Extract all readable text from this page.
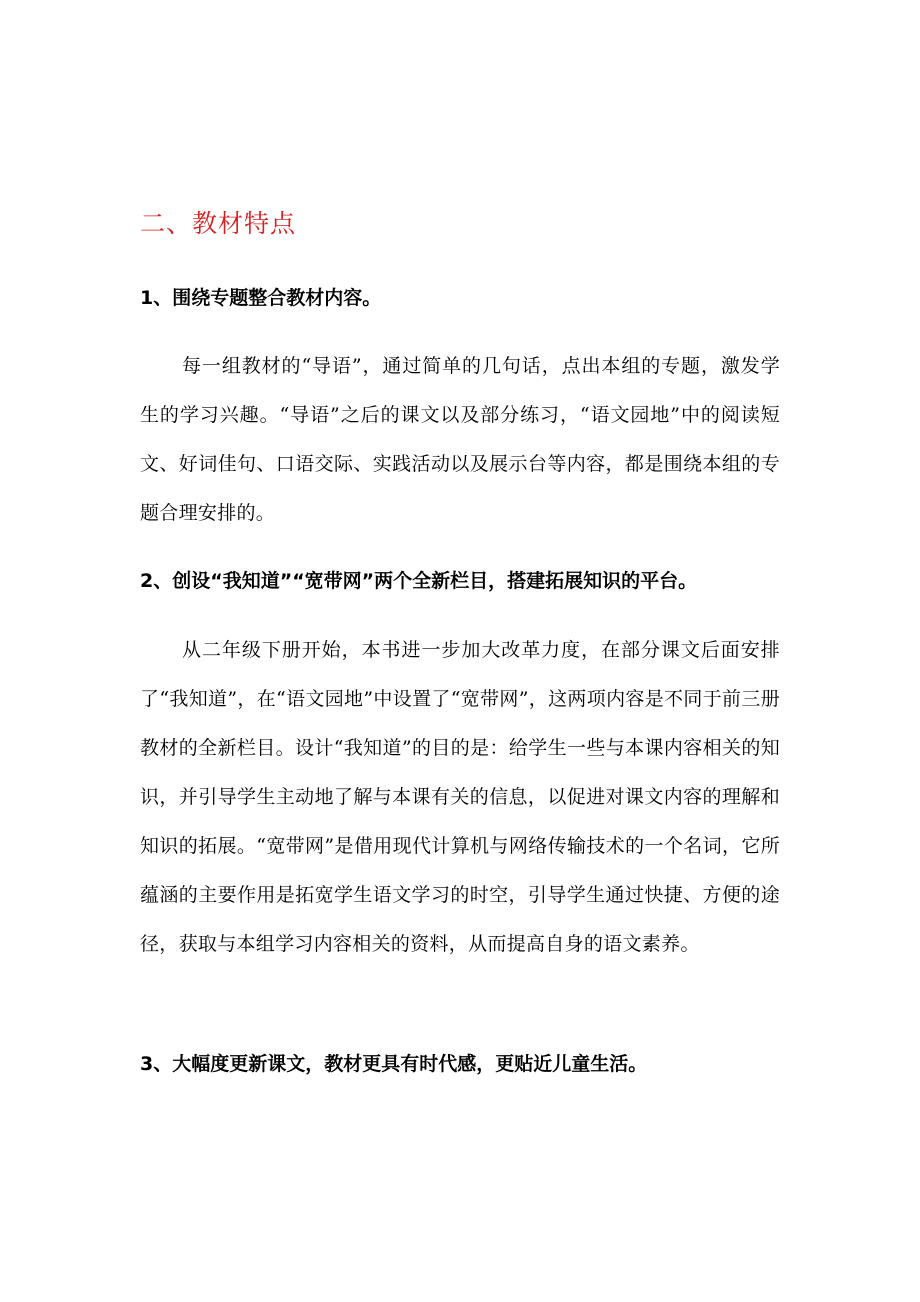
二、教材特点
1、围绕专题整合教材内容。

每一组教材的“导语”，通过简单的几句话，点出本组的专题，激发学生的学习兴趣。“导语”之后的课文以及部分练习，“语文园地”中的阅读短文、好词佳句、口语交际、实践活动以及展示台等内容，都是围绕本组的专题合理安排的。

2、创设“我知道”“宽带网”两个全新栏目，搭建拓展知识的平台。

从二年级下册开始，本书进一步加大改革力度，在部分课文后面安排了“我知道”，在“语文园地”中设置了“宽带网”，这两项内容是不同于前三册教材的全新栏目。设计“我知道”的目的是：给学生一些与本课内容相关的知识，并引导学生主动地了解与本课有关的信息，以促进对课文内容的理解和知识的拓展。“宽带网”是借用现代计算机与网络传输技术的一个名词，它所蕴涵的主要作用是拓宽学生语文学习的时空，引导学生通过快捷、方便的途径，获取与本组学习内容相关的资料，从而提高自身的语文素养。

3、大幅度更新课文，教材更具有时代感，更贴近儿童生活。
